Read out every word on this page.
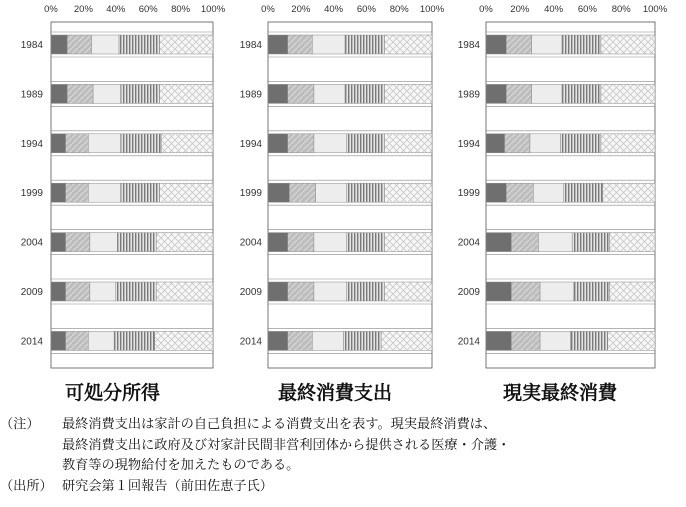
0% 20% 40% 60% 80% 100%
1984
1989
1994
1999
2004
2009
2014
可処分所得
0% 20% 40% 60% 80% 100%
1984
1989
1994
1999
2004
2009
2014
最終消費支出
0% 20% 40% 60% 80% 100%
1984
1989
1994
1999
2004
2009
2014
現実最終消費
（注）	最終消費支出は家計の自己負担による消費支出を表す。現実最終消費は、
最終消費支出に政府及び対家計民間非営利団体から提供される医療・介護・
教育等の現物給付を加えたものである。
（出所） 研究会第１回報告（前田佐恵子氏）
